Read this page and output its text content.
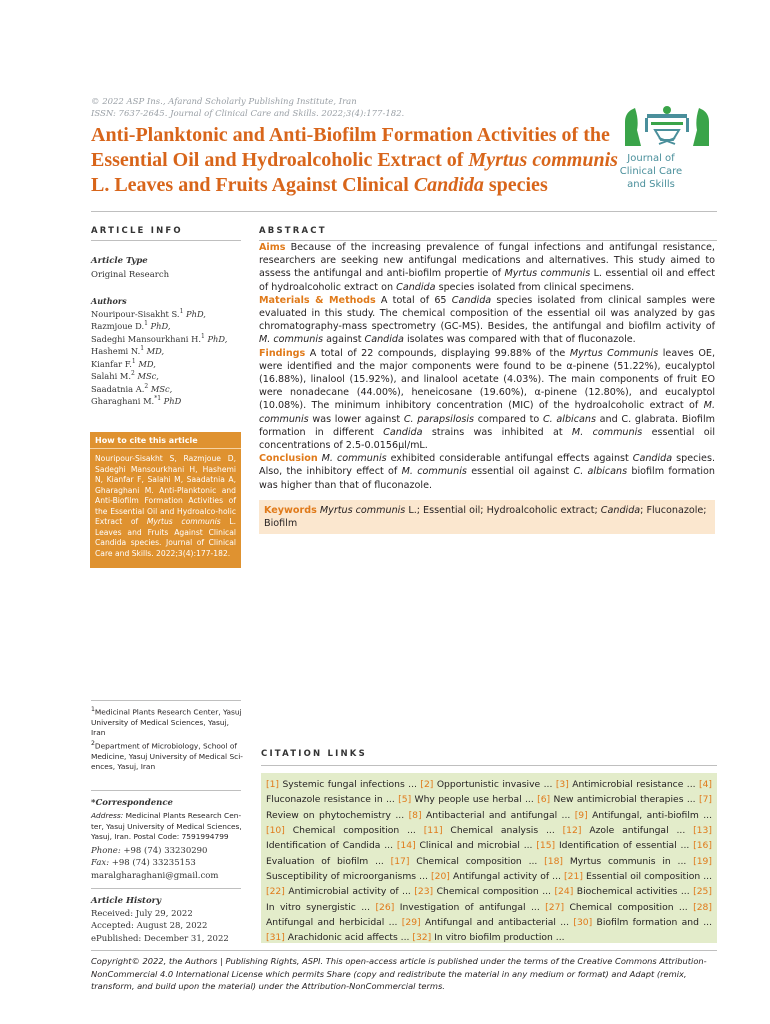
© 2022 ASP Ins., Afarand Scholarly Publishing Institute, Iran
ISSN: 7637-2645. Journal of Clinical Care and Skills. 2022;3(4):177-182.
Anti-Planktonic and Anti-Biofilm Formation Activities of the
Essential Oil and Hydroalcoholic Extract of Myrtus communis
L. Leaves and Fruits Against Clinical Candida species
Journal of
Clinical Care
and Skills
ARTICLE INFO
Article Type
Original Research
Authors
Nouripour-Sisakht S.$^1$ PhD,
Razmjoue D.$^1$ PhD,
Sadeghi Mansourkhani H.$^1$ PhD,
Hashemi N.$^1$ MD,
Kianfar F.$^1$ MD,
Salahi M.$^2$ MSc,
Saadatnia A.$^2$ MSc,
Gharaghani M.$^{*1}$ PhD
How to cite this article
Nouripour-Sisakht S, Razmjoue D, Sadeghi Mansourkhani H, Hashemi N, Kianfar F, Salahi M, Saadatnia A, Gharaghani M. Anti-Planktonic and Anti-Biofilm Formation Activities of the Essential Oil and Hydroalco-holic Extract of Myrtus communis L. Leaves and Fruits Against Clinical Candida species. Journal of Clinical Care and Skills. 2022;3(4):177-182.
ABSTRACT

Aims Because of the increasing prevalence of fungal infections and antifungal resistance, researchers are seeking new antifungal medications and alternatives. This study aimed to assess the antifungal and anti-biofilm propertie of Myrtus communis L. essential oil and effect of hydroalcoholic extract on Candida species isolated from clinical specimens.

Materials & Methods A total of 65 Candida species isolated from clinical samples were evaluated in this study. The chemical composition of the essential oil was analyzed by gas chromatography-mass spectrometry (GC-MS). Besides, the antifungal and biofilm activity of M. communis against Candida isolates was compared with that of fluconazole.

Findings A total of 22 compounds, displaying 99.88% of the Myrtus Communis leaves OE, were identified and the major components were found to be α-pinene (51.22%), eucalyptol (16.88%), linalool (15.92%), and linalool acetate (4.03%). The main components of fruit EO were nonadecane (44.00%), heneicosane (19.60%), α-pinene (12.80%), and eucalyptol (10.08%). The minimum inhibitory concentration (MIC) of the hydroalcoholic extract of M. communis was lower against C. parapsilosis compared to C. albicans and C. glabrata. Biofilm formation in different Candida strains was inhibited at M. communis essential oil concentrations of 2.5-0.0156μl/mL.

Conclusion M. communis exhibited considerable antifungal effects against Candida species. Also, the inhibitory effect of M. communis essential oil against C. albicans biofilm formation was higher than that of fluconazole.

Keywords Myrtus communis L.; Essential oil; Hydroalcoholic extract; Candida; Fluconazole; Biofilm
$^1$Medicinal Plants Research Center, Yasuj University of Medical Sciences, Yasuj, Iran
$^2$Department of Microbiology, School of Medicine, Yasuj University of Medical Sci-ences, Yasuj, Iran
*Correspondence
Address: Medicinal Plants Research Cen-ter, Yasuj University of Medical Sciences, Yasuj, Iran. Postal Code: 7591994799
Phone: +98 (74) 33230290
Fax: +98 (74) 33235153
maralgharaghani@gmail.com
Article History
Received: July 29, 2022
Accepted: August 28, 2022
ePublished: December 31, 2022
CITATION LINKS
[1] Systemic fungal infections ... [2] Opportunistic invasive ... [3] Antimicrobial resistance ... [4] Fluconazole resistance in ... [5] Why people use herbal ... [6] New antimicrobial therapies ... [7] Review on phytochemistry ... [8] Antibacterial and antifungal ... [9] Antifungal, anti-biofilm ... [10] Chemical composition ... [11] Chemical analysis ... [12] Azole antifungal ... [13] Identification of Candida ... [14] Clinical and microbial ... [15] Identification of essential ... [16] Evaluation of biofilm ... [17] Chemical composition ... [18] Myrtus communis in ... [19] Susceptibility of microorganisms ... [20] Antifungal activity of ... [21] Essential oil composition ... [22] Antimicrobial activity of ... [23] Chemical composition ... [24] Biochemical activities ... [25] In vitro synergistic ... [26] Investigation of antifungal ... [27] Chemical composition ... [28] Antifungal and herbicidal ... [29] Antifungal and antibacterial ... [30] Biofilm formation and ... [31] Arachidonic acid affects ... [32] In vitro biofilm production ...
Copyright© 2022, the Authors | Publishing Rights, ASPI. This open-access article is published under the terms of the Creative Commons Attribution-NonCommercial 4.0 International License which permits Share (copy and redistribute the material in any medium or format) and Adapt (remix, transform, and build upon the material) under the Attribution-NonCommercial terms.
